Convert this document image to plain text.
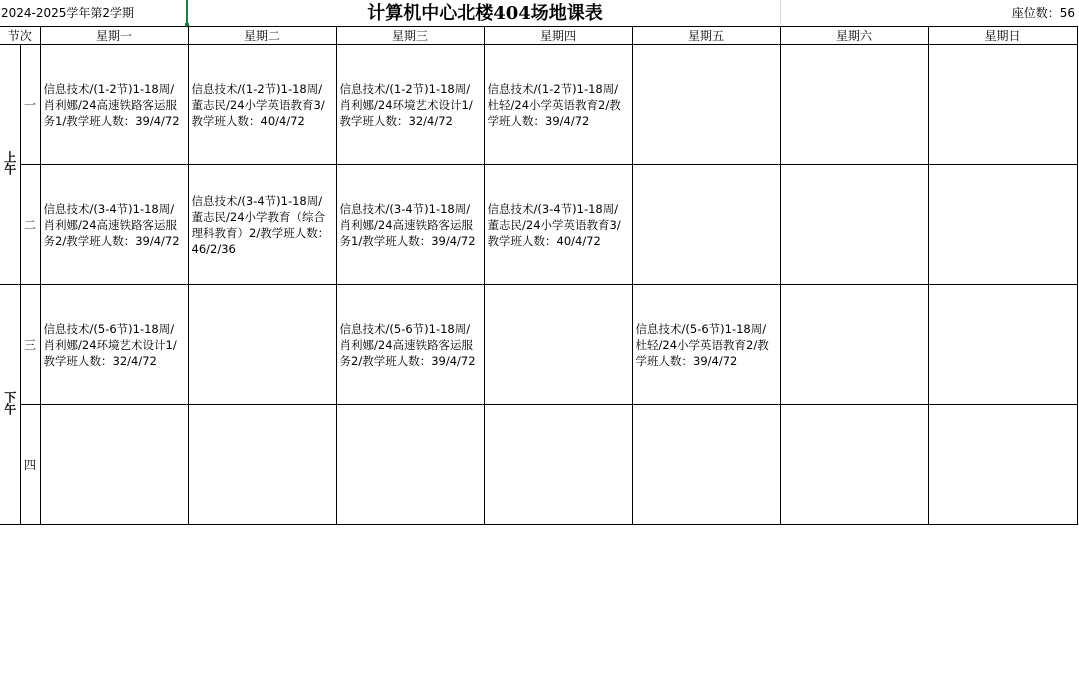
2024-2025学年第2学期	计算机中心北楼404场地课表	座位数：56
节次		星期一	星期二	星期三	星期四	星期五	星期六	星期日
上午	一	信息技术/(1-2节)1-18周/肖利娜/24高速铁路客运服务1/教学班人数：39/4/72	信息技术/(1-2节)1-18周/董志民/24小学英语教育3/教学班人数：40/4/72	信息技术/(1-2节)1-18周/肖利娜/24环境艺术设计1/教学班人数：32/4/72	信息技术/(1-2节)1-18周/杜轻/24小学英语教育2/教学班人数：39/4/72			

	二	信息技术/(3-4节)1-18周/肖利娜/24高速铁路客运服务2/教学班人数：39/4/72	信息技术/(3-4节)1-18周/董志民/24小学教育（综合理科教育）2/教学班人数：46/2/36	信息技术/(3-4节)1-18周/肖利娜/24高速铁路客运服务1/教学班人数：39/4/72	信息技术/(3-4节)1-18周/董志民/24小学英语教育3/教学班人数：40/4/72			

下午	三	信息技术/(5-6节)1-18周/肖利娜/24环境艺术设计1/教学班人数：32/4/72		信息技术/(5-6节)1-18周/肖利娜/24高速铁路客运服务2/教学班人数：39/4/72		信息技术/(5-6节)1-18周/杜轻/24小学英语教育2/教学班人数：39/4/72		

	四	
